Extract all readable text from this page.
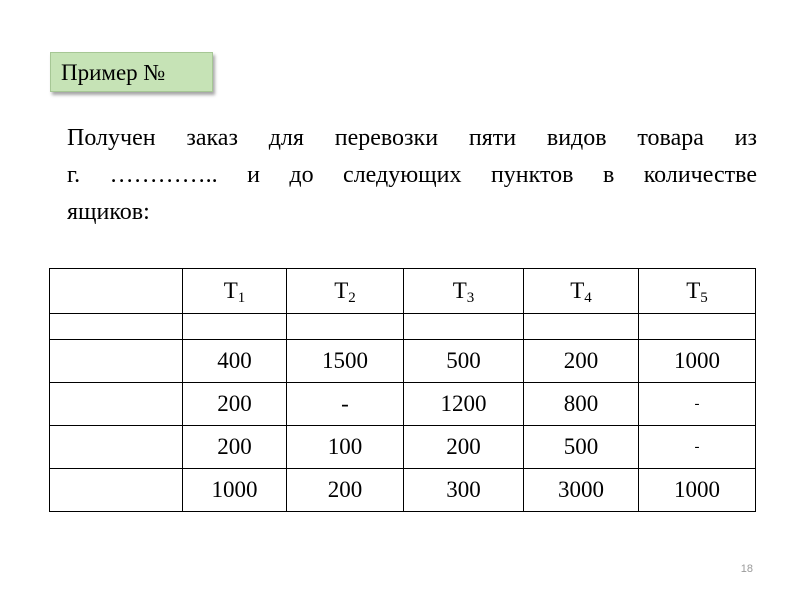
Пример №

Получен заказ для перевозки пяти видов товара из
г. ………….. и до следующих пунктов в количестве
ящиков:

	$T_1$	$T_2$	$T_3$	$T_4$	$T_5$

	400	1500	500	200	1000
	200	-	1200	800	-
	200	100	200	500	-
	1000	200	300	3000	1000
18
